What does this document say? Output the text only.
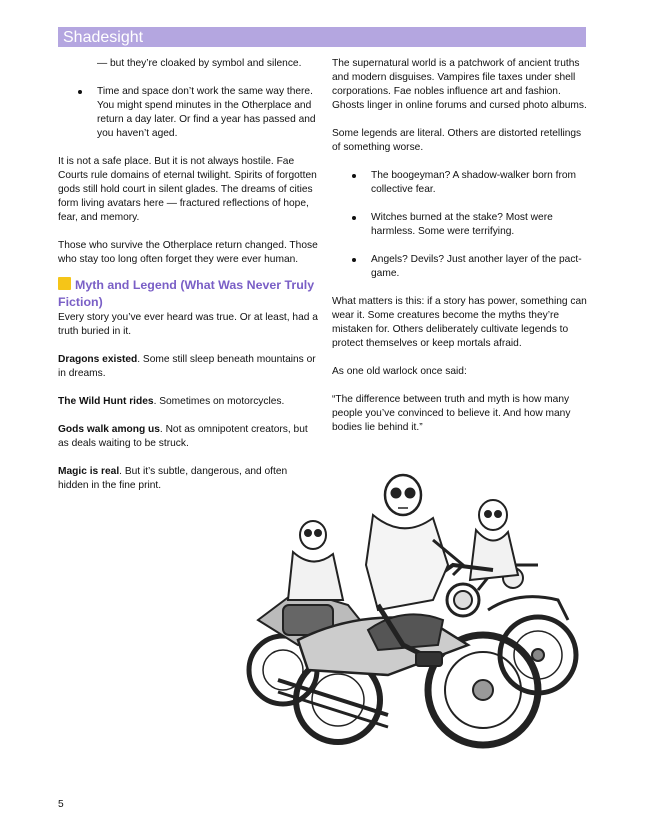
Shadesight
— but they’re cloaked by symbol and silence.
Time and space don’t work the same way there. You might spend minutes in the Otherplace and return a day later. Or find a year has passed and you haven’t aged.

It is not a safe place. But it is not always hostile. Fae Courts rule domains of eternal twilight. Spirits of forgotten gods still hold court in silent glades. The dreams of cities form living avatars here — fractured reflections of hope, fear, and memory.

Those who survive the Otherplace return changed. Those who stay too long often forget they were ever human.

Myth and Legend (What Was Never Truly Fiction)

Every story you’ve ever heard was true. Or at least, had a truth buried in it.

Dragons existed. Some still sleep beneath mountains or in dreams.

The Wild Hunt rides. Sometimes on motorcycles.

Gods walk among us. Not as omnipotent creators, but as deals waiting to be struck.

Magic is real. But it’s subtle, dangerous, and often hidden in the fine print.

The supernatural world is a patchwork of ancient truths and modern disguises. Vampires file taxes under shell corporations. Fae nobles influence art and fashion. Ghosts linger in online forums and cursed photo albums.

Some legends are literal. Others are distorted retellings of something worse.

The boogeyman? A shadow-walker born from collective fear.
Witches burned at the stake? Most were harmless. Some were terrifying.
Angels? Devils? Just another layer of the pact-game.

What matters is this: if a story has power, something can wear it. Some creatures become the myths they’re mistaken for. Others deliberately cultivate legends to protect themselves or keep mortals afraid.

As one old warlock once said:

“The difference between truth and myth is how many people you’ve convinced to believe it. And how many bodies lie behind it.”

5
